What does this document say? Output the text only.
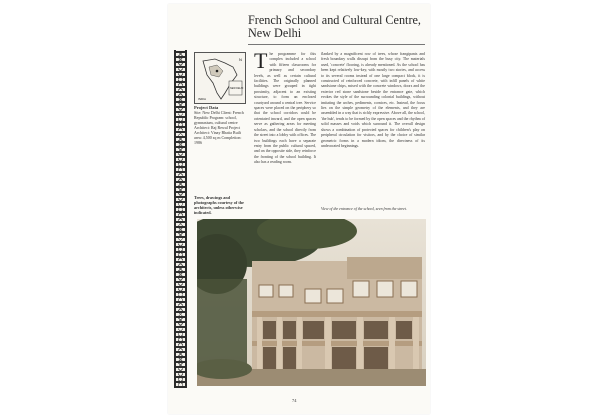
French School and Cultural Centre, New Delhi
N
INDIA
NEW DELHI
Project Data
Site: New Delhi Client: French Republic Program: school, gymnasium, cultural centre Architect: Raj Rewal Project Architect: Vinay Bhatia Built area: 4,500 sq m Completion: 1986
Trees, drawings and photographs courtesy of the architects, unless otherwise indicated.
T he programme for this complex included a school with fifteen classrooms for primary and secondary levels, as well as certain cultural facilities. The originally planned buildings were grouped in tight proximity, adjacent to an existing structure, to form an enclosed courtyard around a central tree. Service spaces were placed on the periphery so that the school corridors could be orientated inward, and the open spaces serve as gathering areas for meeting scholars, and the school directly from the street into a lobby with offices. The two buildings each have a separate entry from the public cultural spaced, and on the opposite side, they reinforce the fronting of the school building. It also has a reading room.
flanked by a magnificent row of trees, whose frangipanis and fresh boundary walls disrupt from the busy city. The materials used, 'concrete' flooring, is already mentioned. As the school has been kept relatively low-key, with mostly two stories, and access to its several rooms instead of one large compact block, it is constructed of reinforced concrete, with infill panels of white sandstone chips, mixed with the concrete windows, doors and the exterior red stone sandstone beside the entrance gate, which evokes the style of the surrounding colonial buildings, without imitating the arches, pediments, cornices, etc. Instead, the focus lies on the simple geometry of the elements, and they are assembled in a way that is richly expressive. Above all, the school, 'the hub', tends to be formed by the open spaces and the rhythm of solid masses and voids which surround it. The overall design shows a combination of protected spaces for children's play on peripheral circulation for visitors, and by the choice of similar geometric forms in a modern idiom, the directness of its undecorated beginnings.
View of the entrance of the school, seen from the street.
74
